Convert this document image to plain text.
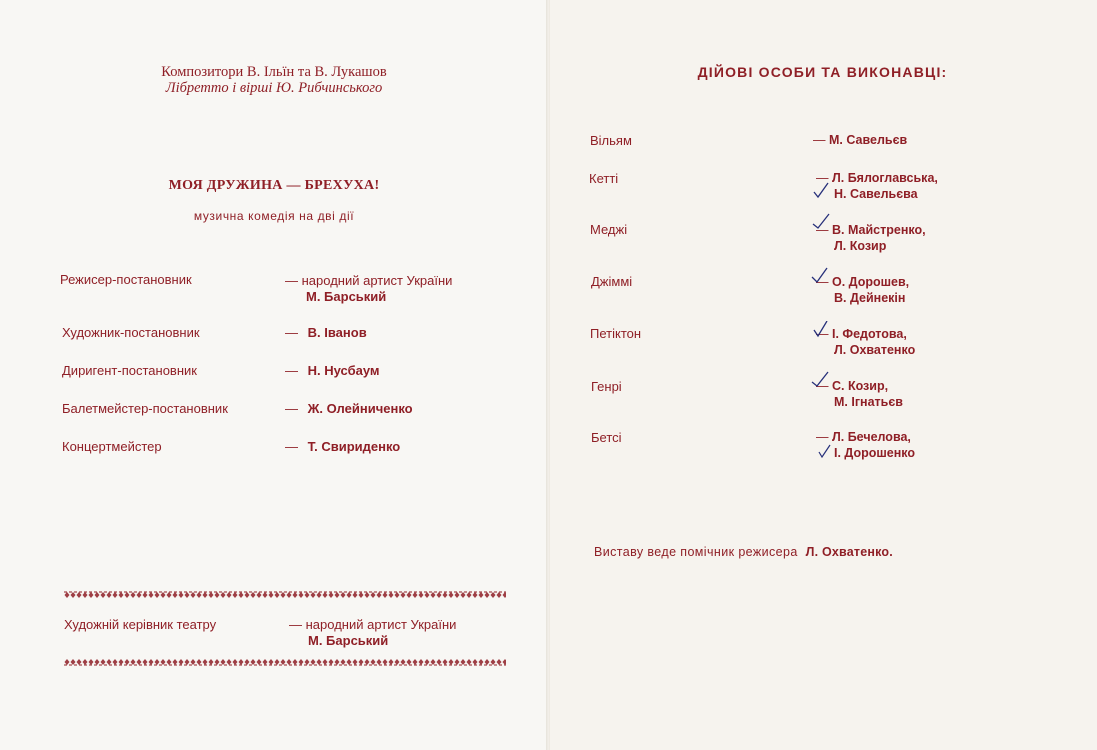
Композитори В. Ільїн та В. Лукашов
Лібретто і вірші Ю. Рибчинського
МОЯ ДРУЖИНА — БРЕХУХА!
музична комедія на дві дії
Режисер-постановник	— народний артист України
М. Барський
Художник-постановник	— В. Іванов
Диригент-постановник	— Н. Нусбаум
Балетмейстер-постановник	— Ж. Олейниченко
Концертмейстер	— Т. Свириденко
Художній керівник театру	— народний артист України
М. Барський
ДІЙОВІ ОСОБИ ТА ВИКОНАВЦІ:
Вільям	— М. Савельєв
Кетті	— Л. Бялоглавська,
Н. Савельєва
Меджі	— В. Майстренко,
Л. Козир
Джіммі	— О. Дорошев,
В. Дейнекін
Петіктон	— І. Федотова,
Л. Охватенко
Генрі	— С. Козир,
М. Ігнатьєв
Бетсі	— Л. Бечелова,
І. Дорошенко
Виставу веде помічник режисера Л. Охватенко.
